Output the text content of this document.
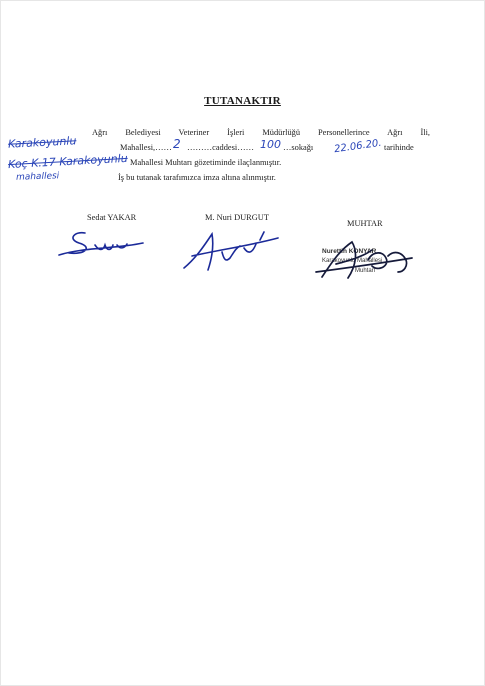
TUTANAKTIR
Ağrı Belediyesi Veteriner İşleri Müdürlüğü Personellerince Ağrı İli,
Mahallesi,…… ………caddesi……	…sokağı	tarihinde
Mahallesi Muhtarı gözetiminde ilaçlanmıştır.
İş bu tutanak tarafımızca imza altına alınmıştır.
Karakoyunlu
Koç K.17 Karakoyunlu
mahallesi
2	100	22.06.20.
Sedat YAKAR	M. Nuri DURGUT
MUHTAR
Nurettin KONYAR
Karakoyunlu Mahallesi
Muhtarı
